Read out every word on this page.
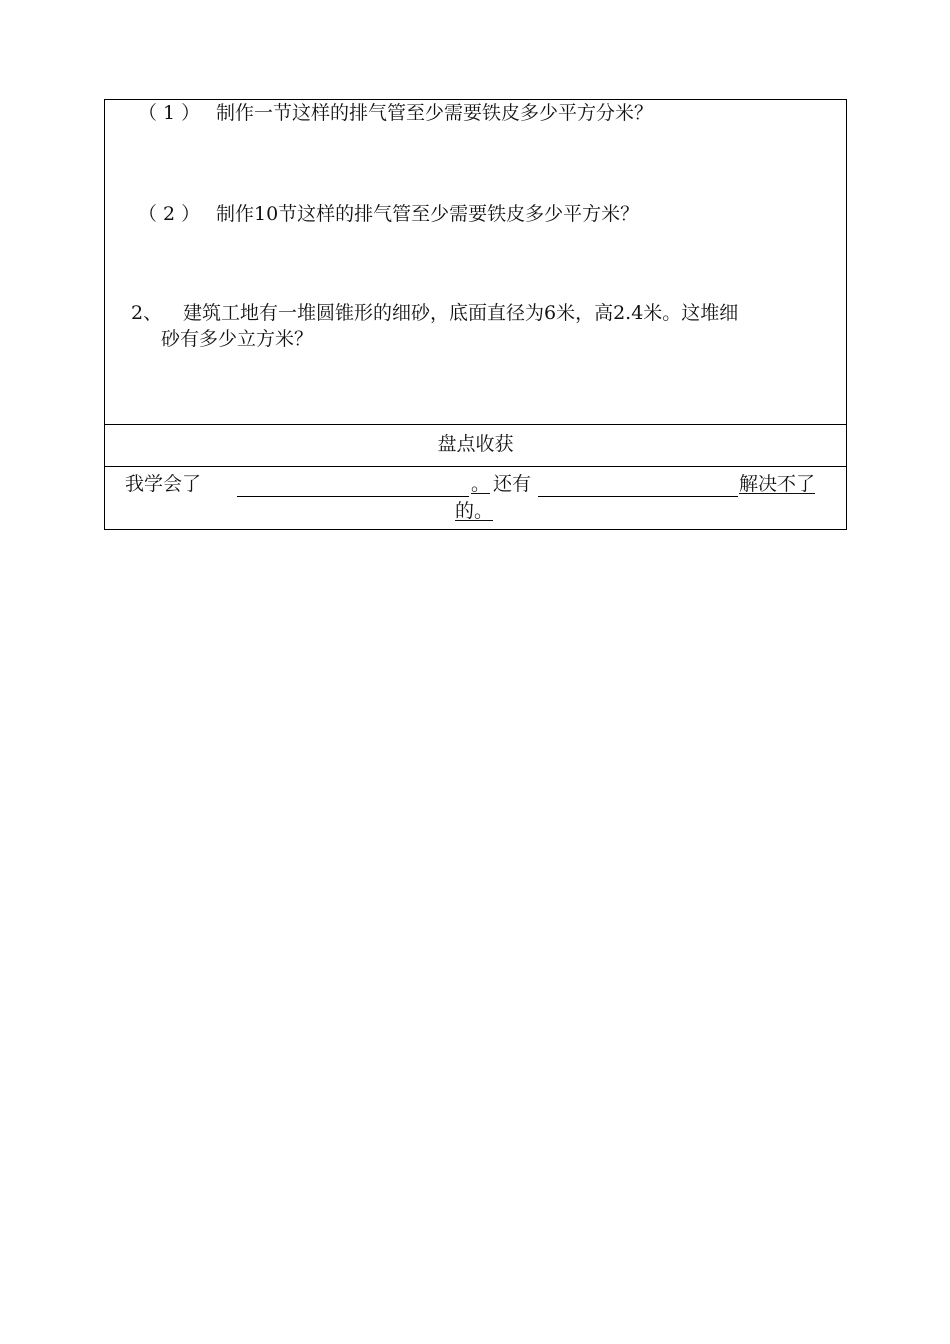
（1） 制作一节这样的排气管至少需要铁皮多少平方分米？
（2） 制作10节这样的排气管至少需要铁皮多少平方米？
2、 建筑工地有一堆圆锥形的细砂，底面直径为6米，高2.4米。这堆细
砂有多少立方米？
盘点收获
我学会了	。 还有	解决不了
的。
